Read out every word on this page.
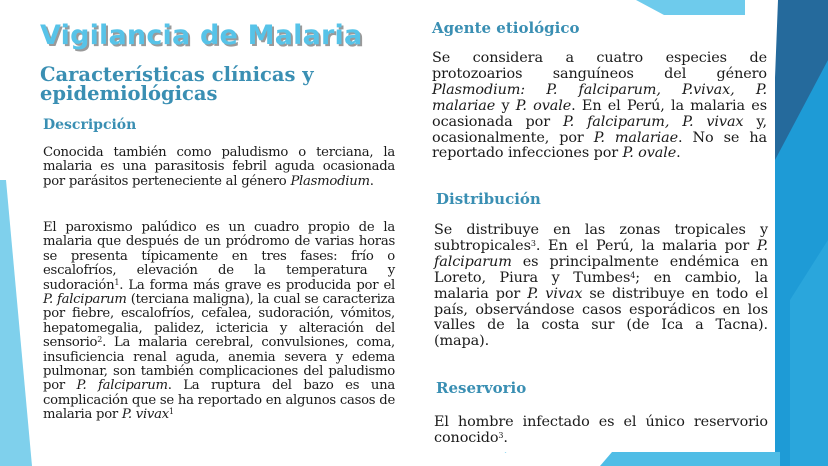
Vigilancia de Malaria
Características clínicas y epidemiológicas
Descripción

Conocida también como paludismo o terciana, la malaria es una parasitosis febril aguda ocasionada por parásitos perteneciente al género Plasmodium.

El paroxismo palúdico es un cuadro propio de la malaria que después de un pródromo de varias horas se presenta típicamente en tres fases: frío o escalofríos, elevación de la temperatura y sudoración$^1$. La forma más grave es producida por el P. falciparum (terciana maligna), la cual se caracteriza por fiebre, escalofríos, cefalea, sudoración, vómitos, hepatomegalia, palidez, ictericia y alteración del sensorio$^2$. La malaria cerebral, convulsiones, coma, insuficiencia renal aguda, anemia severa y edema pulmonar, son también complicaciones del paludismo por P. falciparum. La ruptura del bazo es una complicación que se ha reportado en algunos casos de malaria por P. vivax$^1$

Agente etiológico

Se considera a cuatro especies de protozoarios sanguíneos del género Plasmodium: P. falciparum, P.vivax, P. malariae y P. ovale. En el Perú, la malaria es ocasionada por P. falciparum, P. vivax y, ocasionalmente, por P. malariae. No se ha reportado infecciones por P. ovale.

Distribución

Se distribuye en las zonas tropicales y subtropicales$^3$. En el Perú, la malaria por P. falciparum es principalmente endémica en Loreto, Piura y Tumbes$^4$; en cambio, la malaria por P. vivax se distribuye en todo el país, observándose casos esporádicos en los valles de la costa sur (de Ica a Tacna). (mapa).

Reservorio

El hombre infectado es el único reservorio conocido$^3$.
